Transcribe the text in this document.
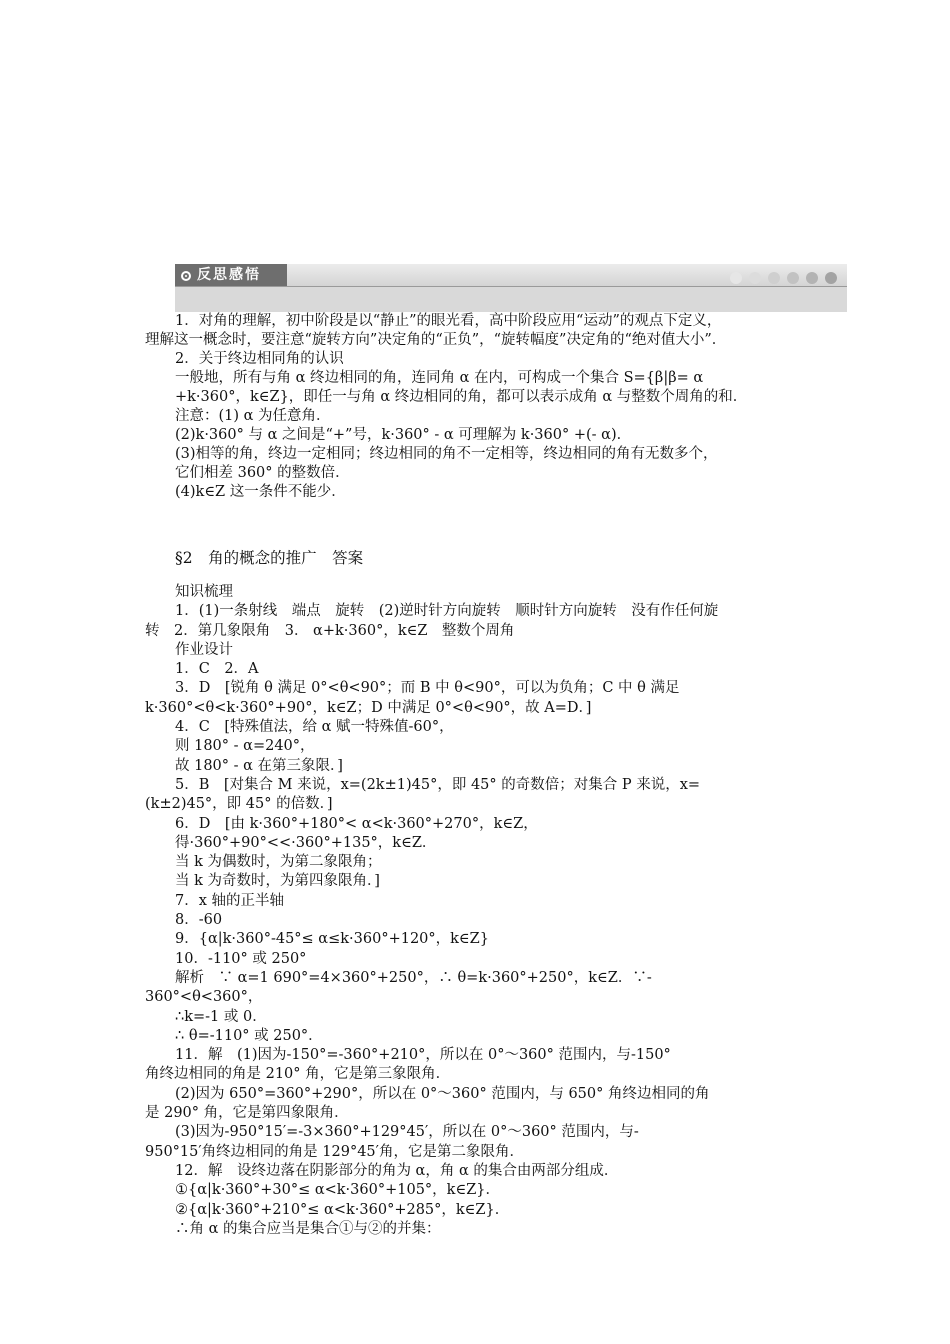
反思感悟
1．对角的理解，初中阶段是以“静止”的眼光看，高中阶段应用“运动”的观点下定义，
理解这一概念时，要注意“旋转方向”决定角的“正负”，“旋转幅度”决定角的“绝对值大小”．
2．关于终边相同角的认识
一般地，所有与角 α 终边相同的角，连同角 α 在内，可构成一个集合 S={β|β= α
+k·360°，k∈Z}，即任一与角 α 终边相同的角，都可以表示成角 α 与整数个周角的和．
注意：(1) α 为任意角．
(2)k·360° 与 α 之间是“+”号，k·360° - α 可理解为 k·360° +(- α)．
(3)相等的角，终边一定相同；终边相同的角不一定相等，终边相同的角有无数多个，
它们相差 360° 的整数倍．
(4)k∈Z 这一条件不能少．
§2　角的概念的推广　答案
知识梳理
1．(1)一条射线　端点　旋转　(2)逆时针方向旋转　顺时针方向旋转　没有作任何旋
转　2．第几象限角　3． α+k·360°，k∈Z　整数个周角
作业设计
1．C　2．A
3．D　[锐角 θ 满足 0°<θ<90°；而 B 中 θ<90°，可以为负角；C 中 θ 满足
k·360°<θ<k·360°+90°，k∈Z；D 中满足 0°<θ<90°，故 A=D．]
4．C　[特殊值法，给 α 赋一特殊值-60°，
则 180° - α=240°，
故 180° - α 在第三象限．]
5．B　[对集合 M 来说，x=(2k±1)45°，即 45° 的奇数倍；对集合 P 来说，x=
(k±2)45°，即 45° 的倍数．]
6．D　[由 k·360°+180°< α<k·360°+270°，k∈Z，
得·360°+90°<<·360°+135°，k∈Z．
当 k 为偶数时，为第二象限角；
当 k 为奇数时，为第四象限角．]
7．x 轴的正半轴
8．-60
9．{α|k·360°-45°≤ α≤k·360°+120°，k∈Z}
10．-110° 或 250°
解析　∵ α=1 690°=4×360°+250°，∴ θ=k·360°+250°，k∈Z．∵-
360°<θ<360°，
∴k=-1 或 0．
∴ θ=-110° 或 250°．
11．解　(1)因为-150°=-360°+210°，所以在 0°～360° 范围内，与-150°
角终边相同的角是 210° 角，它是第三象限角．
(2)因为 650°=360°+290°，所以在 0°～360° 范围内，与 650° 角终边相同的角
是 290° 角，它是第四象限角．
(3)因为-950°15′=-3×360°+129°45′，所以在 0°～360° 范围内，与-
950°15′角终边相同的角是 129°45′角，它是第二象限角．
12．解　设终边落在阴影部分的角为 α，角 α 的集合由两部分组成．
①{α|k·360°+30°≤ α<k·360°+105°，k∈Z}．
②{α|k·360°+210°≤ α<k·360°+285°，k∈Z}．
∴角 α 的集合应当是集合①与②的并集：
